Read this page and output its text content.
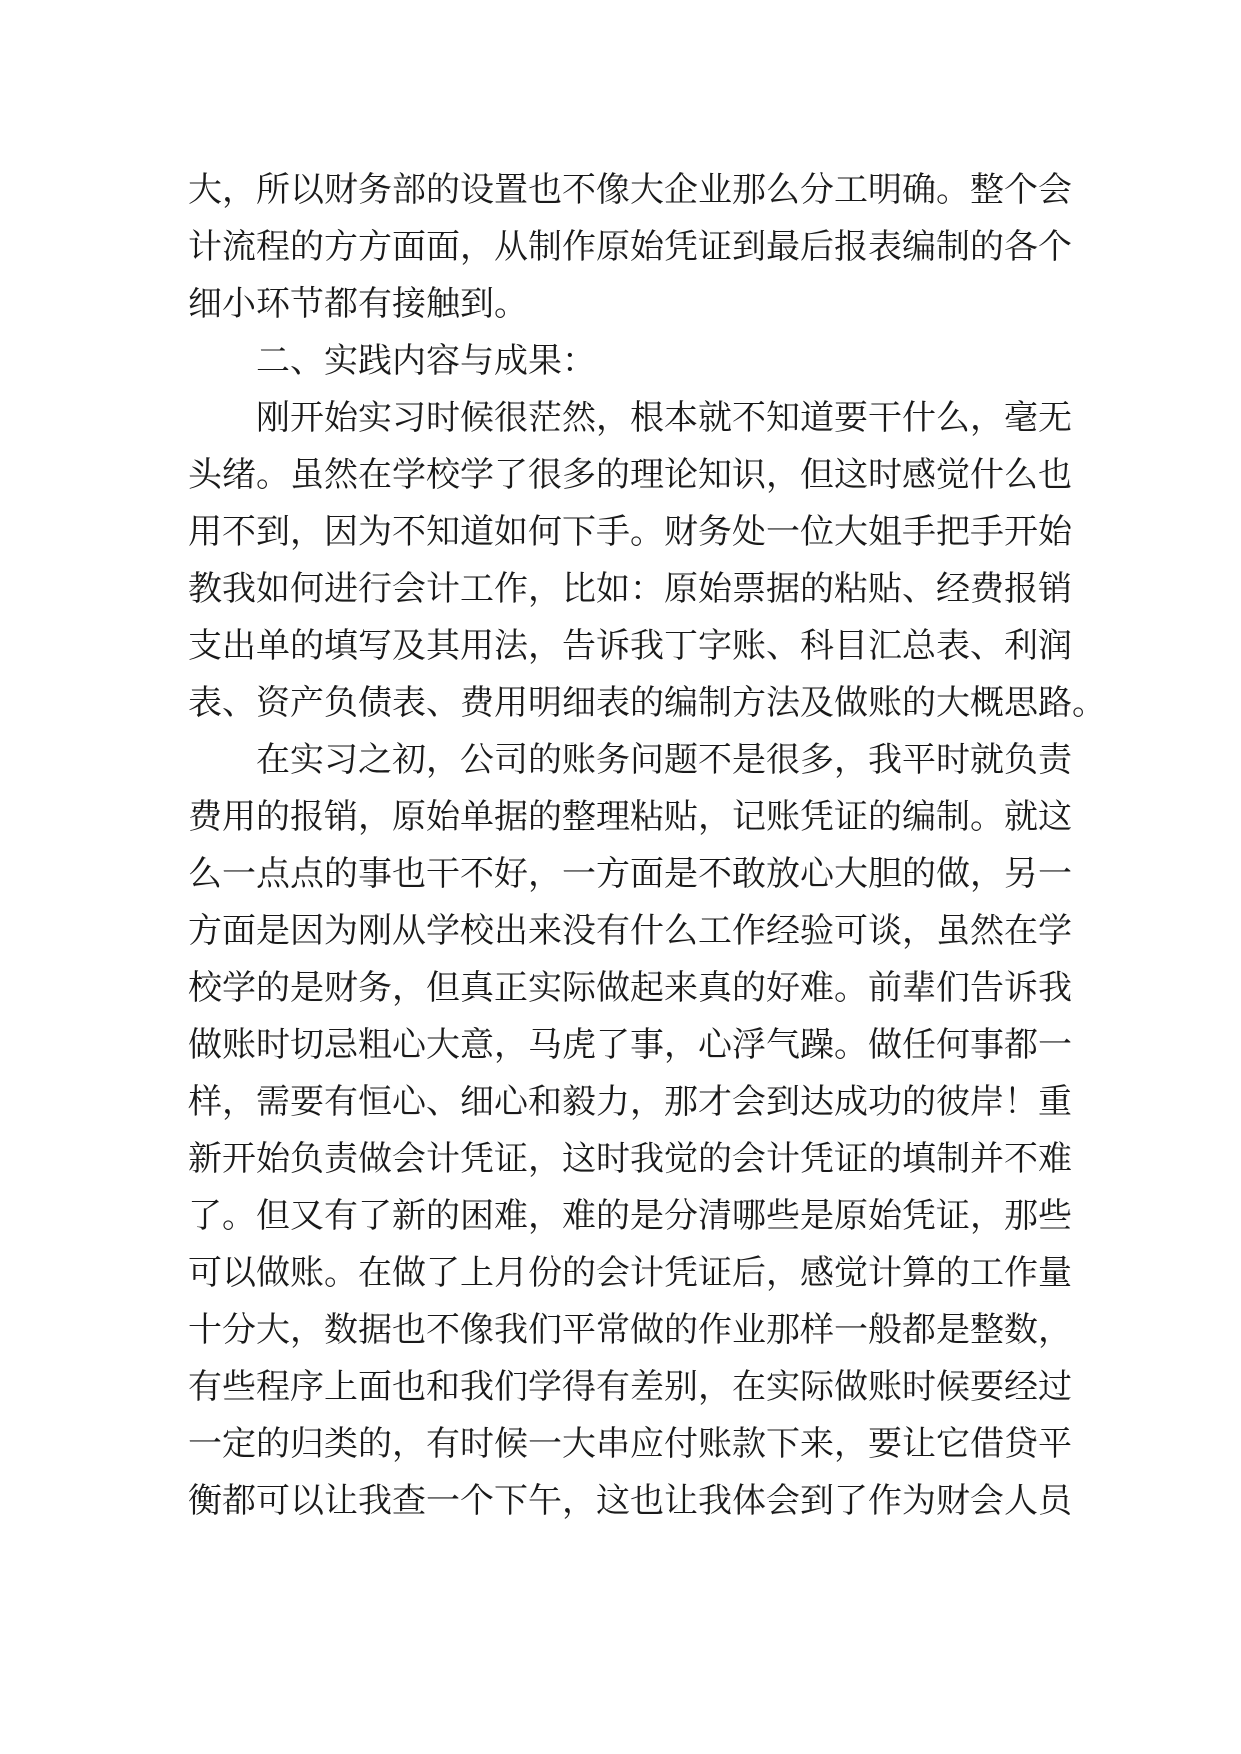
大，所以财务部的设置也不像大企业那么分工明确。整个会
计流程的方方面面，从制作原始凭证到最后报表编制的各个
细小环节都有接触到。
二、实践内容与成果：
刚开始实习时候很茫然，根本就不知道要干什么，毫无
头绪。虽然在学校学了很多的理论知识，但这时感觉什么也
用不到，因为不知道如何下手。财务处一位大姐手把手开始
教我如何进行会计工作，比如：原始票据的粘贴、经费报销
支出单的填写及其用法，告诉我丁字账、科目汇总表、利润
表、资产负债表、费用明细表的编制方法及做账的大概思路。
在实习之初，公司的账务问题不是很多，我平时就负责
费用的报销，原始单据的整理粘贴，记账凭证的编制。就这
么一点点的事也干不好，一方面是不敢放心大胆的做，另一
方面是因为刚从学校出来没有什么工作经验可谈，虽然在学
校学的是财务，但真正实际做起来真的好难。前辈们告诉我
做账时切忌粗心大意，马虎了事，心浮气躁。做任何事都一
样，需要有恒心、细心和毅力，那才会到达成功的彼岸！重
新开始负责做会计凭证，这时我觉的会计凭证的填制并不难
了。但又有了新的困难，难的是分清哪些是原始凭证，那些
可以做账。在做了上月份的会计凭证后，感觉计算的工作量
十分大，数据也不像我们平常做的作业那样一般都是整数，
有些程序上面也和我们学得有差别，在实际做账时候要经过
一定的归类的，有时候一大串应付账款下来，要让它借贷平
衡都可以让我查一个下午，这也让我体会到了作为财会人员
